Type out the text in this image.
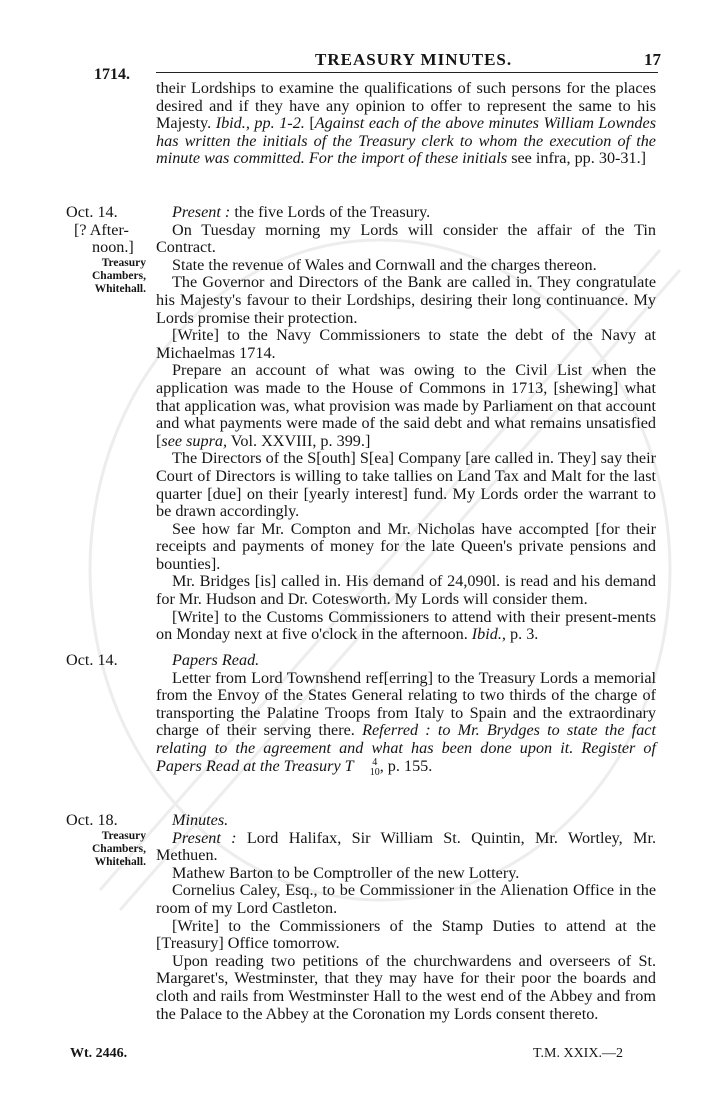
TREASURY MINUTES.	17
1714.

their Lordships to examine the qualifications of such persons for the places desired and if they have any opinion to offer to represent the same to his Majesty. Ibid., pp. 1-2. [Against each of the above minutes William Lowndes has written the initials of the Treasury clerk to whom the execution of the minute was committed. For the import of these initials see infra, pp. 30-31.]

Oct. 14.
[? After-
noon.]
Treasury
Chambers,
Whitehall.

Present : the five Lords of the Treasury.

On Tuesday morning my Lords will consider the affair of the Tin Contract.

State the revenue of Wales and Cornwall and the charges thereon.

The Governor and Directors of the Bank are called in. They congratulate his Majesty's favour to their Lordships, desiring their long continuance. My Lords promise their protection.

[Write] to the Navy Commissioners to state the debt of the Navy at Michaelmas 1714.

Prepare an account of what was owing to the Civil List when the application was made to the House of Commons in 1713, [shewing] what that application was, what provision was made by Parliament on that account and what payments were made of the said debt and what remains unsatisfied [see supra, Vol. XXVIII, p. 399.]

The Directors of the S[outh] S[ea] Company [are called in. They] say their Court of Directors is willing to take tallies on Land Tax and Malt for the last quarter [due] on their [yearly interest] fund. My Lords order the warrant to be drawn accordingly.

See how far Mr. Compton and Mr. Nicholas have accompted [for their receipts and payments of money for the late Queen's private pensions and bounties].

Mr. Bridges [is] called in. His demand of 24,090l. is read and his demand for Mr. Hudson and Dr. Cotesworth. My Lords will consider them.

[Write] to the Customs Commissioners to attend with their present-ments on Monday next at five o'clock in the afternoon. Ibid., p. 3.

Oct. 14.	Papers Read.

Letter from Lord Townshend ref[erring] to the Treasury Lords a memorial from the Envoy of the States General relating to two thirds of the charge of transporting the Palatine Troops from Italy to Spain and the extraordinary charge of their serving there. Referred : to Mr. Brydges to state the fact relating to the agreement and what has been done upon it. Register of Papers Read at the Treasury T	4
10 , p. 155.

Oct. 18.
Treasury
Chambers,
Whitehall.

Minutes.

Present : Lord Halifax, Sir William St. Quintin, Mr. Wortley, Mr. Methuen.

Mathew Barton to be Comptroller of the new Lottery.

Cornelius Caley, Esq., to be Commissioner in the Alienation Office in the room of my Lord Castleton.

[Write] to the Commissioners of the Stamp Duties to attend at the [Treasury] Office tomorrow.

Upon reading two petitions of the churchwardens and overseers of St. Margaret's, Westminster, that they may have for their poor the boards and cloth and rails from Westminster Hall to the west end of the Abbey and from the Palace to the Abbey at the Coronation my Lords consent thereto.

Wt. 2446.	T.M. XXIX.—2
